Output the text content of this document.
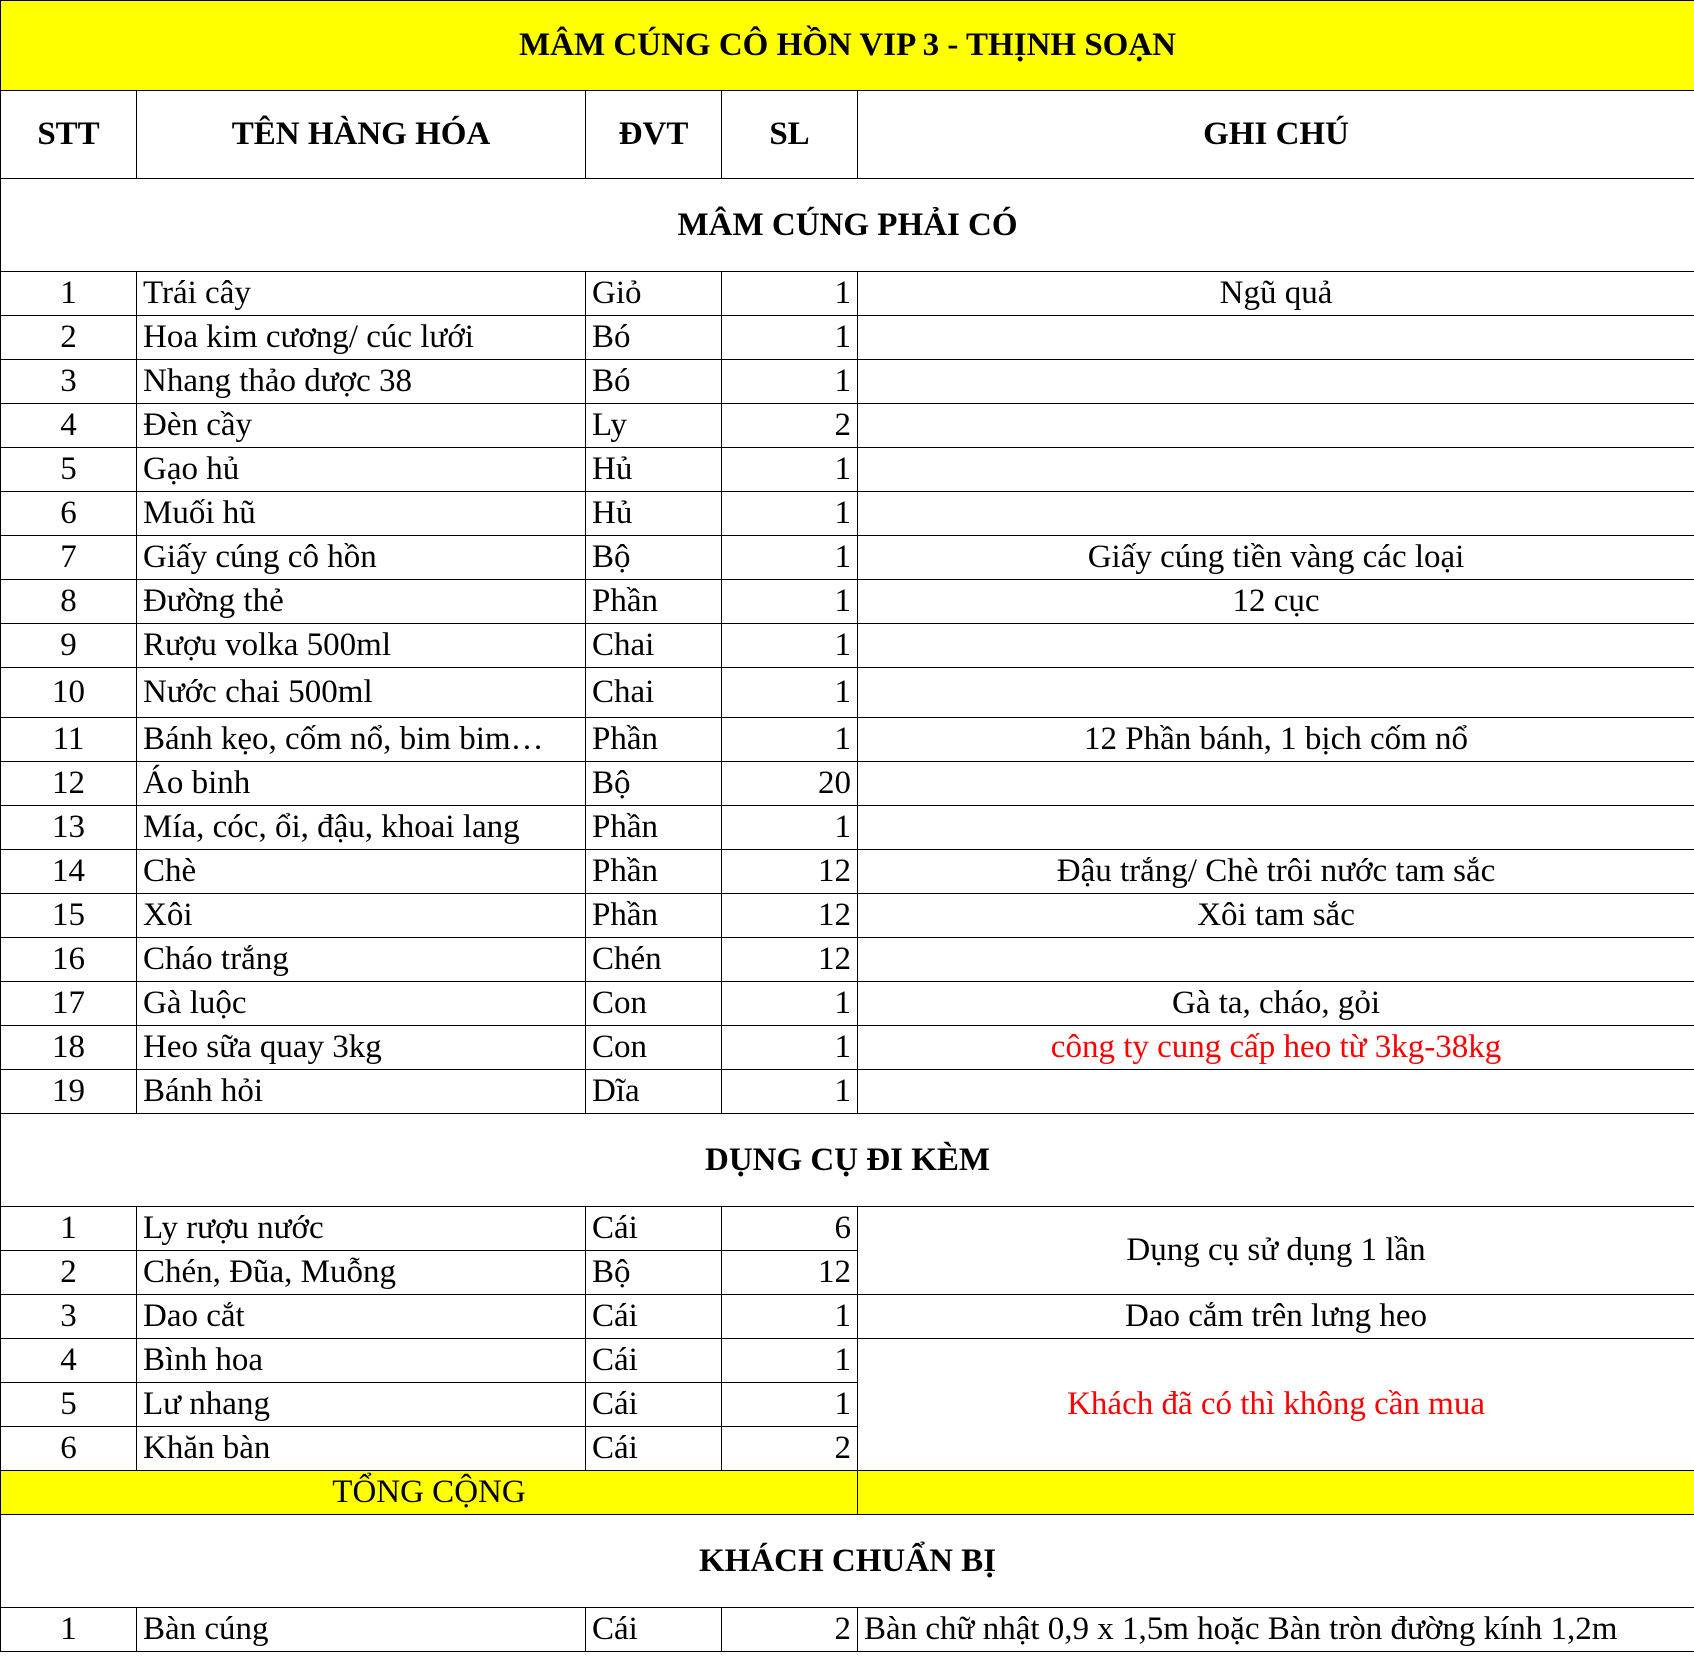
MÂM CÚNG CÔ HỒN VIP 3 - THỊNH SOẠN				
STT	TÊN HÀNG HÓA	ĐVT	SL	GHI CHÚ
MÂM CÚNG PHẢI CÓ				
1	Trái cây	Giỏ	1	Ngũ quả
2	Hoa kim cương/ cúc lưới	Bó	1	
3	Nhang thảo dược 38	Bó	1	
4	Đèn cầy	Ly	2	
5	Gạo hủ	Hủ	1	
6	Muối hũ	Hủ	1	
7	Giấy cúng cô hồn	Bộ	1	Giấy cúng tiền vàng các loại
8	Đường thẻ	Phần	1	12 cục
9	Rượu volka 500ml	Chai	1	
10	Nước chai 500ml	Chai	1	
11	Bánh kẹo, cốm nổ, bim bim…	Phần	1	12 Phần bánh, 1 bịch cốm nổ
12	Áo binh	Bộ	20	
13	Mía, cóc, ổi, đậu, khoai lang	Phần	1	
14	Chè	Phần	12	Đậu trắng/ Chè trôi nước tam sắc
15	Xôi	Phần	12	Xôi tam sắc
16	Cháo trắng	Chén	12	
17	Gà luộc	Con	1	Gà ta, cháo, gỏi
18	Heo sữa quay 3kg	Con	1	công ty cung cấp heo từ 3kg-38kg
19	Bánh hỏi	Dĩa	1	
DỤNG CỤ ĐI KÈM				
1	Ly rượu nước	Cái	6	Dụng cụ sử dụng 1 lần
2	Chén, Đũa, Muỗng	Bộ	12	
3	Dao cắt	Cái	1	Dao cắm trên lưng heo
4	Bình hoa	Cái	1	Khách đã có thì không cần mua
5	Lư nhang	Cái	1	
6	Khăn bàn	Cái	2	
TỔNG CỘNG				
KHÁCH CHUẨN BỊ				
1	Bàn cúng	Cái	2	Bàn chữ nhật 0,9 x 1,5m hoặc Bàn tròn đường kính 1,2m
